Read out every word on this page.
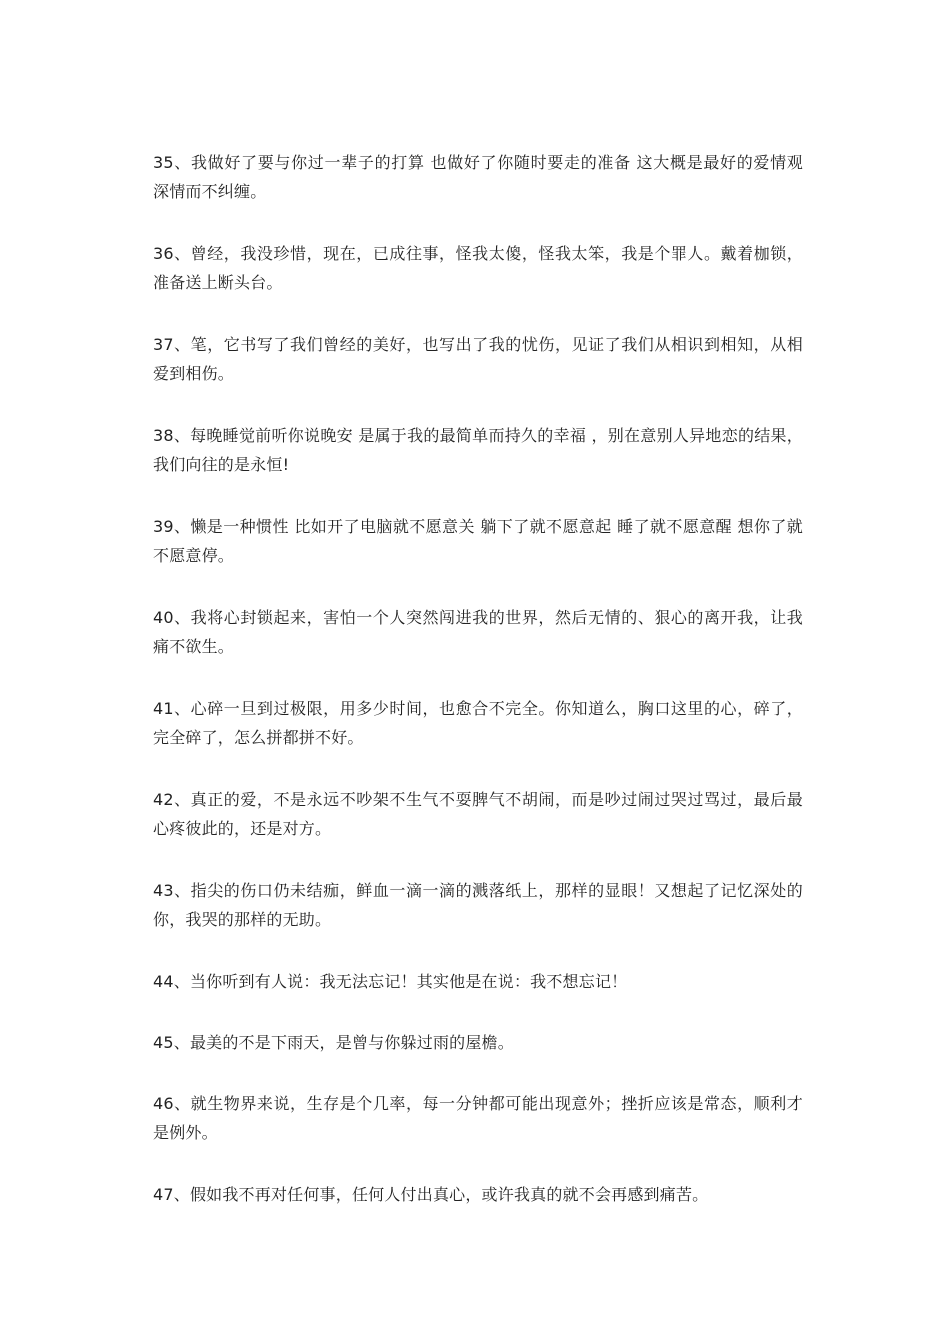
35、我做好了要与你过一辈子的打算 也做好了你随时要走的准备 这大概是最好的爱情观 深情而不纠缠。

36、曾经，我没珍惜，现在，已成往事，怪我太傻，怪我太笨，我是个罪人。戴着枷锁，准备送上断头台。

37、笔，它书写了我们曾经的美好，也写出了我的忧伤，见证了我们从相识到相知，从相爱到相伤。

38、每晚睡觉前听你说晚安 是属于我的最简单而持久的幸福 ，别在意别人异地恋的结果，我们向往的是永恒!

39、懒是一种惯性 比如开了电脑就不愿意关 躺下了就不愿意起 睡了就不愿意醒 想你了就不愿意停。

40、我将心封锁起来，害怕一个人突然闯进我的世界，然后无情的、狠心的离开我，让我痛不欲生。

41、心碎一旦到过极限，用多少时间，也愈合不完全。你知道么，胸口这里的心，碎了，完全碎了，怎么拼都拼不好。

42、真正的爱，不是永远不吵架不生气不耍脾气不胡闹，而是吵过闹过哭过骂过，最后最心疼彼此的，还是对方。

43、指尖的伤口仍未结痂，鲜血一滴一滴的溅落纸上，那样的显眼！又想起了记忆深处的你，我哭的那样的无助。

44、当你听到有人说：我无法忘记！其实他是在说：我不想忘记！

45、最美的不是下雨天，是曾与你躲过雨的屋檐。

46、就生物界来说，生存是个几率，每一分钟都可能出现意外；挫折应该是常态，顺利才是例外。

47、假如我不再对任何事，任何人付出真心，或许我真的就不会再感到痛苦。
